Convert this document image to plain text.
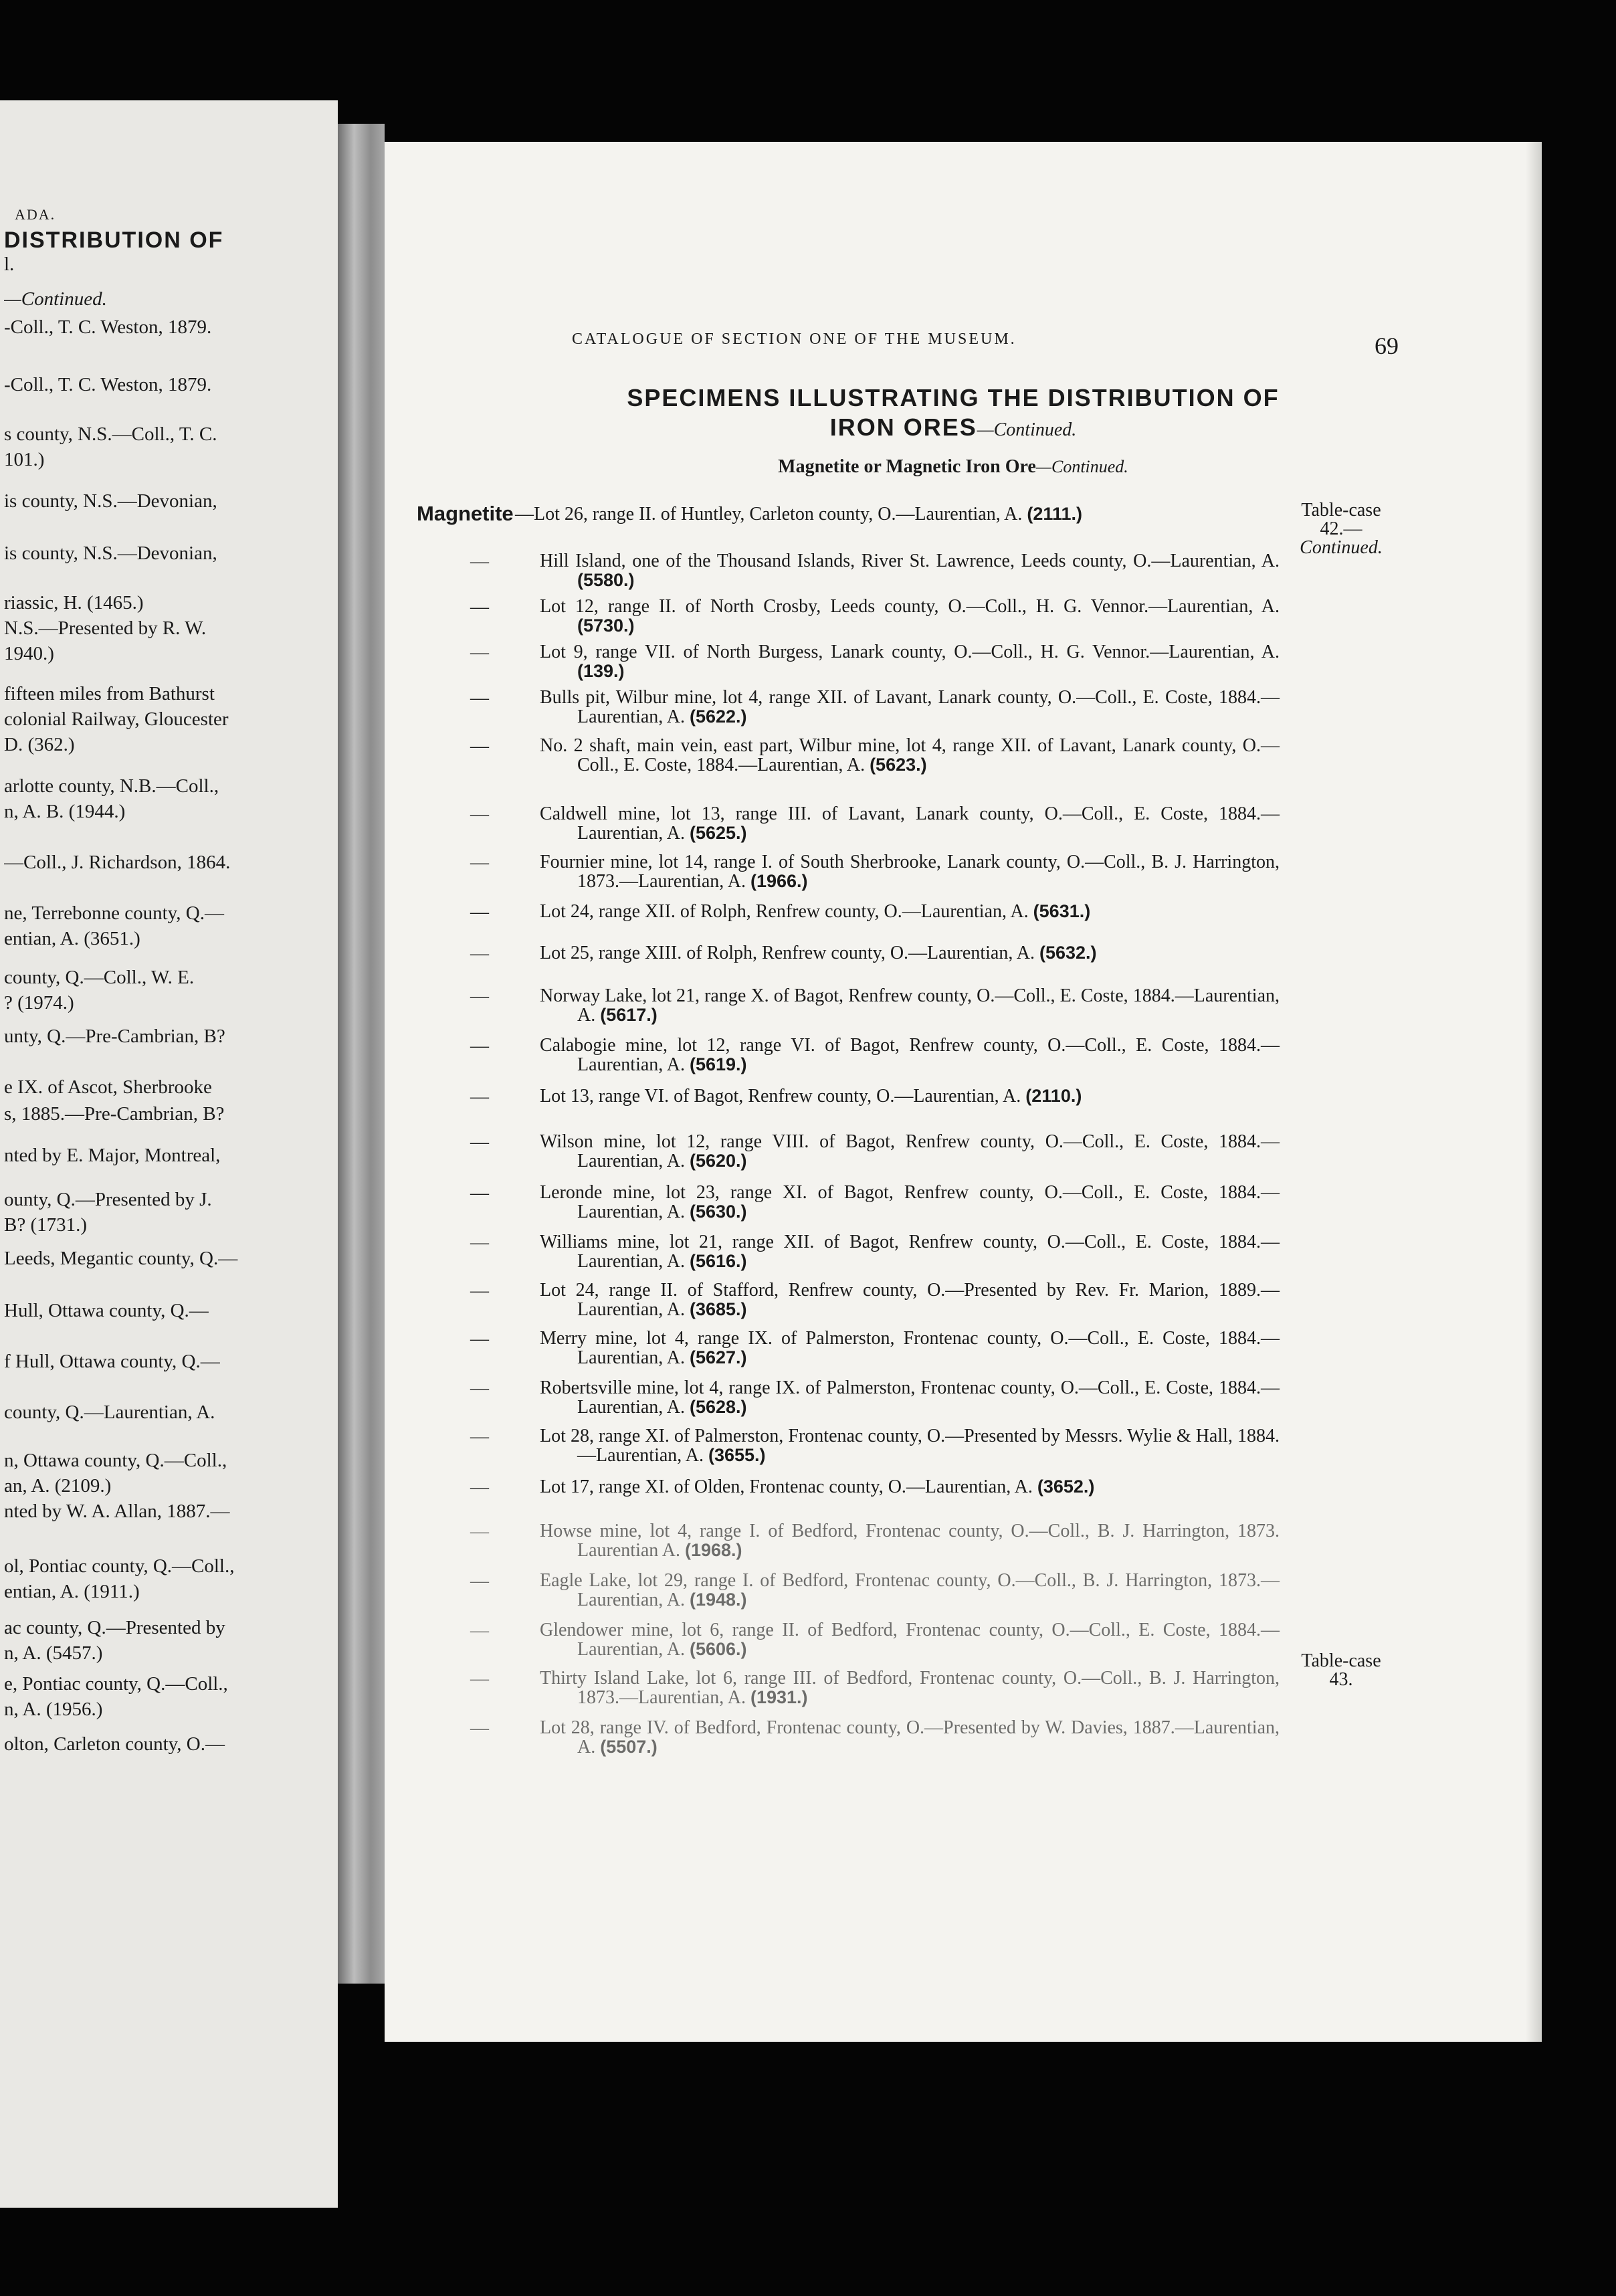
ADA.
DISTRIBUTION OF
l.
—Continued.
-Coll., T. C. Weston, 1879.
-Coll., T. C. Weston, 1879.
s county, N.S.—Coll., T. C.
101.)
is county, N.S.—Devonian,
is county, N.S.—Devonian,
riassic, H. (1465.)
N.S.—Presented by R. W.
1940.)
fifteen miles from Bathurst
colonial Railway, Gloucester
D. (362.)
arlotte county, N.B.—Coll.,
n, A. B. (1944.)
—Coll., J. Richardson, 1864.
ne, Terrebonne county, Q.—
entian, A. (3651.)
county, Q.—Coll., W. E.
? (1974.)
unty, Q.—Pre-Cambrian, B?
e IX. of Ascot, Sherbrooke
s, 1885.—Pre-Cambrian, B?
nted by E. Major, Montreal,
ounty, Q.—Presented by J.
B? (1731.)
Leeds, Megantic county, Q.—
Hull, Ottawa county, Q.—
f Hull, Ottawa county, Q.—
county, Q.—Laurentian, A.
n, Ottawa county, Q.—Coll.,
an, A. (2109.)
nted by W. A. Allan, 1887.—
ol, Pontiac county, Q.—Coll.,
entian, A. (1911.)
ac county, Q.—Presented by
n, A. (5457.)
e, Pontiac county, Q.—Coll.,
n, A. (1956.)
olton, Carleton county, O.—
CATALOGUE OF SECTION ONE OF THE MUSEUM.	69
SPECIMENS ILLUSTRATING THE DISTRIBUTION OF
IRON ORES—Continued.
Magnetite or Magnetic Iron Ore—Continued.
Magnetite —Lot 26, range II. of Huntley, Carleton county, O.—Laurentian, A. (2111.)
—	Hill Island, one of the Thousand Islands, River St. Lawrence, Leeds county, O.—Laurentian, A. (5580.)
—	Lot 12, range II. of North Crosby, Leeds county, O.—Coll., H. G. Vennor.—Laurentian, A. (5730.)
—	Lot 9, range VII. of North Burgess, Lanark county, O.—Coll., H. G. Vennor.—Laurentian, A. (139.)
—	Bulls pit, Wilbur mine, lot 4, range XII. of Lavant, Lanark county, O.—Coll., E. Coste, 1884.—Laurentian, A. (5622.)
—	No. 2 shaft, main vein, east part, Wilbur mine, lot 4, range XII. of Lavant, Lanark county, O.—Coll., E. Coste, 1884.—Laurentian, A. (5623.)
—	Caldwell mine, lot 13, range III. of Lavant, Lanark county, O.—Coll., E. Coste, 1884.—Laurentian, A. (5625.)
—	Fournier mine, lot 14, range I. of South Sherbrooke, Lanark county, O.—Coll., B. J. Harrington, 1873.—Laurentian, A. (1966.)
—	Lot 24, range XII. of Rolph, Renfrew county, O.—Laurentian, A. (5631.)
—	Lot 25, range XIII. of Rolph, Renfrew county, O.—Laurentian, A. (5632.)
—	Norway Lake, lot 21, range X. of Bagot, Renfrew county, O.—Coll., E. Coste, 1884.—Laurentian, A. (5617.)
—	Calabogie mine, lot 12, range VI. of Bagot, Renfrew county, O.—Coll., E. Coste, 1884.—Laurentian, A. (5619.)
—	Lot 13, range VI. of Bagot, Renfrew county, O.—Laurentian, A. (2110.)
—	Wilson mine, lot 12, range VIII. of Bagot, Renfrew county, O.—Coll., E. Coste, 1884.—Laurentian, A. (5620.)
—	Leronde mine, lot 23, range XI. of Bagot, Renfrew county, O.—Coll., E. Coste, 1884.—Laurentian, A. (5630.)
—	Williams mine, lot 21, range XII. of Bagot, Renfrew county, O.—Coll., E. Coste, 1884.—Laurentian, A. (5616.)
—	Lot 24, range II. of Stafford, Renfrew county, O.—Presented by Rev. Fr. Marion, 1889.—Laurentian, A. (3685.)
—	Merry mine, lot 4, range IX. of Palmerston, Frontenac county, O.—Coll., E. Coste, 1884.—Laurentian, A. (5627.)
—	Robertsville mine, lot 4, range IX. of Palmerston, Frontenac county, O.—Coll., E. Coste, 1884.—Laurentian, A. (5628.)
—	Lot 28, range XI. of Palmerston, Frontenac county, O.—Presented by Messrs. Wylie & Hall, 1884.—Laurentian, A. (3655.)
—	Lot 17, range XI. of Olden, Frontenac county, O.—Laurentian, A. (3652.)
—	Howse mine, lot 4, range I. of Bedford, Frontenac county, O.—Coll., B. J. Harrington, 1873. Laurentian A. (1968.)
—	Eagle Lake, lot 29, range I. of Bedford, Frontenac county, O.—Coll., B. J. Harrington, 1873.—Laurentian, A. (1948.)
—	Glendower mine, lot 6, range II. of Bedford, Frontenac county, O.—Coll., E. Coste, 1884.—Laurentian, A. (5606.)
—	Thirty Island Lake, lot 6, range III. of Bedford, Frontenac county, O.—Coll., B. J. Harrington, 1873.—Laurentian, A. (1931.)
—	Lot 28, range IV. of Bedford, Frontenac county, O.—Presented by W. Davies, 1887.—Laurentian, A. (5507.)
Table-case
42.—
Continued.
Table-case
43.
